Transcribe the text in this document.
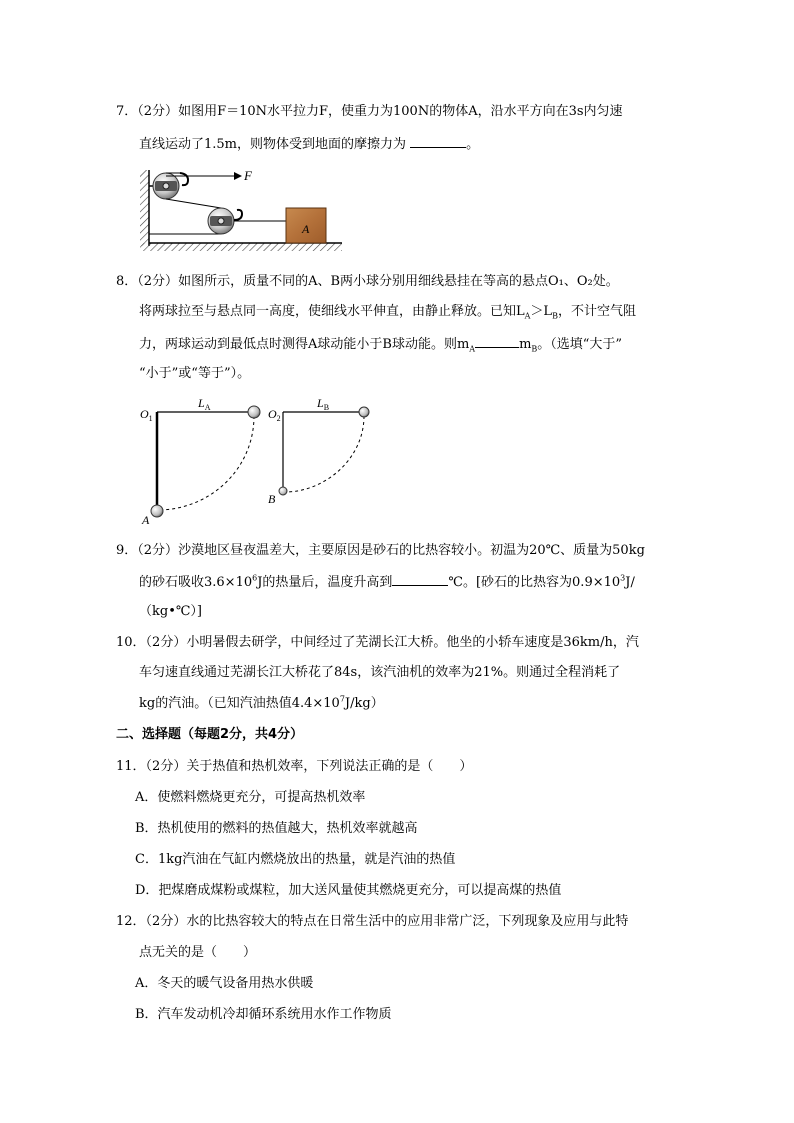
7．（2分）如图用F＝10N水平拉力F，使重力为100N的物体A，沿水平方向在3s内匀速
直线运动了1.5m，则物体受到地面的摩擦力为	。
F
A
8．（2分）如图所示，质量不同的A、B两小球分别用细线悬挂在等高的悬点O₁、O₂处。
将两球拉至与悬点同一高度，使细线水平伸直，由静止释放。已知$L_A>L_B$，不计空气阻
力，两球运动到最低点时测得A球动能小于B球动能。则$m_A$	$m_B$。（选填“大于”
“小于”或“等于”）。
$O_1$
$L_A$
A
$O_2$
$L_B$
B
9．（2分）沙漠地区昼夜温差大，主要原因是砂石的比热容较小。初温为20℃、质量为50kg
的砂石吸收$3.6\times 10^6J$的热量后，温度升高到	℃。[砂石的比热容为$0.9\times 10^3J/$
（kg•℃）]
10．（2分）小明暑假去研学，中间经过了芜湖长江大桥。他坐的小轿车速度是36km/h，汽
车匀速直线通过芜湖长江大桥花了84s，该汽油机的效率为21%。则通过全程消耗了
kg的汽油。（已知汽油热值$4.4\times 10^7J/kg$）
二、选择题（每题2分，共4分）
11．（2分）关于热值和热机效率，下列说法正确的是（　　）
A．使燃料燃烧更充分，可提高热机效率
B．热机使用的燃料的热值越大，热机效率就越高
C．1kg汽油在气缸内燃烧放出的热量，就是汽油的热值
D．把煤磨成煤粉或煤粒，加大送风量使其燃烧更充分，可以提高煤的热值
12．（2分）水的比热容较大的特点在日常生活中的应用非常广泛，下列现象及应用与此特
点无关的是（　　）
A．冬天的暖气设备用热水供暖
B．汽车发动机冷却循环系统用水作工作物质
